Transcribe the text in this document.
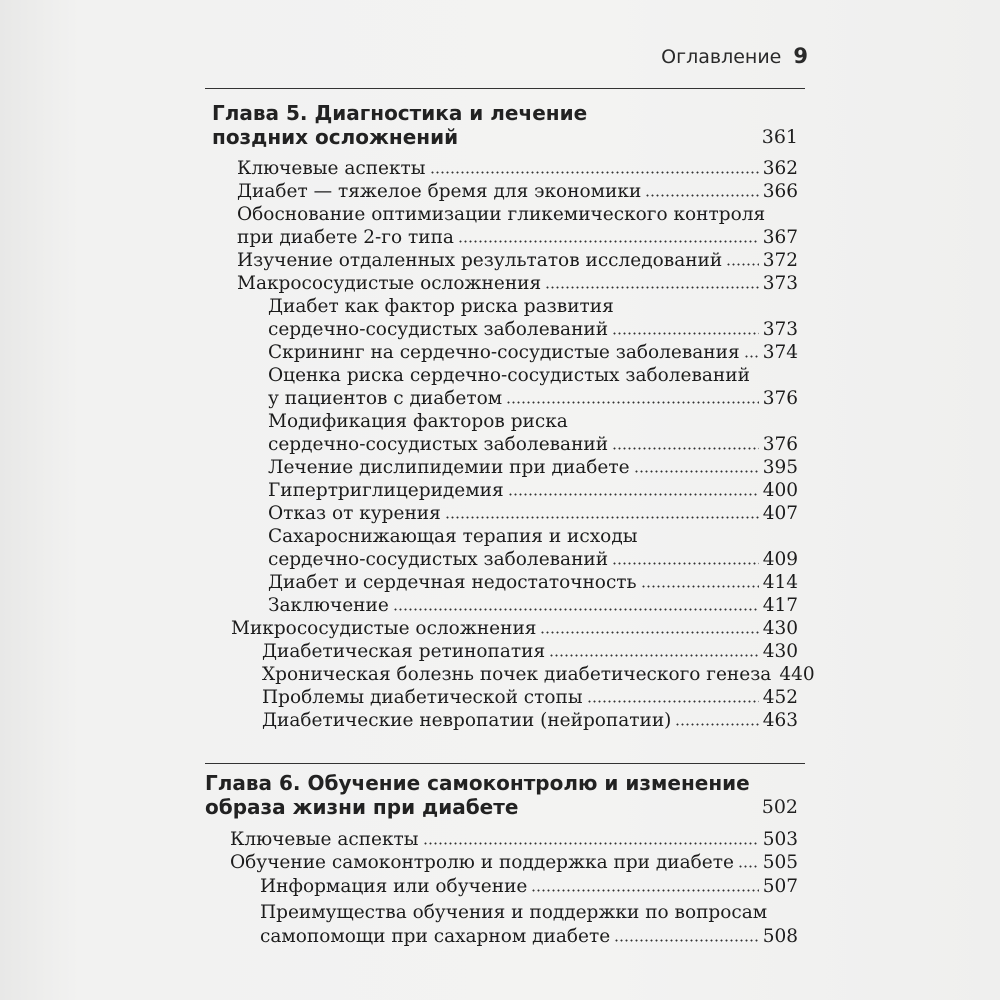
Оглавление 9
Глава 5. Диагностика и лечение
поздних осложнений	361
Ключевые аспекты	362
Диабет — тяжелое бремя для экономики	366
Обоснование оптимизации гликемического контроля
при диабете 2-го типа	367
Изучение отдаленных результатов исследований 372
Макрососудистые осложнения	373
Диабет как фактор риска развития
сердечно-сосудистых заболеваний	373
Скрининг на сердечно-сосудистые заболевания 374
Оценка риска сердечно-сосудистых заболеваний
у пациентов с диабетом	376
Модификация факторов риска
сердечно-сосудистых заболеваний	376
Лечение дислипидемии при диабете	395
Гипертриглицеридемия	400
Отказ от курения	407
Сахароснижающая терапия и исходы
сердечно-сосудистых заболеваний	409
Диабет и сердечная недостаточность	414
Заключение	417
Микрососудистые осложнения	430
Диабетическая ретинопатия	430
Хроническая болезнь почек диабетического генеза 440
Проблемы диабетической стопы	452
Диабетические невропатии (нейропатии)	463
Глава 6. Обучение самоконтролю и изменение
образа жизни при диабете	502
Ключевые аспекты	503
Обучение самоконтролю и поддержка при диабете 505
Информация или обучение	507
Преимущества обучения и поддержки по вопросам
самопомощи при сахарном диабете	508
